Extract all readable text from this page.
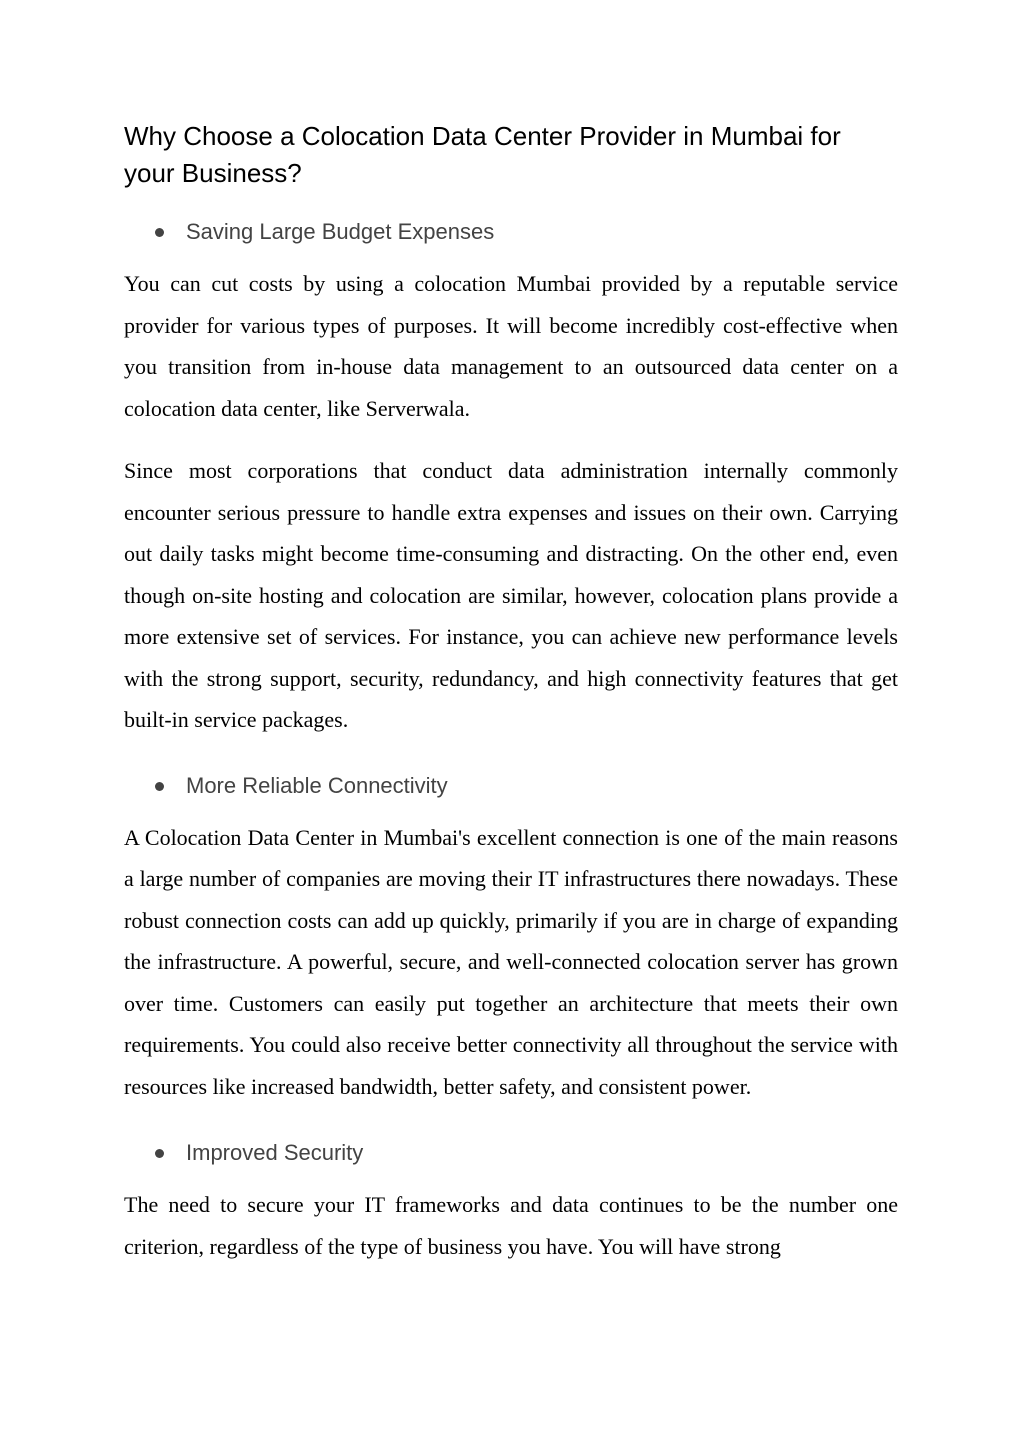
Why Choose a Colocation Data Center Provider in Mumbai for your Business?
Saving Large Budget Expenses

You can cut costs by using a colocation Mumbai provided by a reputable service provider for various types of purposes. It will become incredibly cost-effective when you transition from in-house data management to an outsourced data center on a colocation data center, like Serverwala.

Since most corporations that conduct data administration internally commonly encounter serious pressure to handle extra expenses and issues on their own. Carrying out daily tasks might become time-consuming and distracting. On the other end, even though on-site hosting and colocation are similar, however, colocation plans provide a more extensive set of services. For instance, you can achieve new performance levels with the strong support, security, redundancy, and high connectivity features that get built-in service packages.

More Reliable Connectivity

A Colocation Data Center in Mumbai's excellent connection is one of the main reasons a large number of companies are moving their IT infrastructures there nowadays. These robust connection costs can add up quickly, primarily if you are in charge of expanding the infrastructure. A powerful, secure, and well-connected colocation server has grown over time. Customers can easily put together an architecture that meets their own requirements. You could also receive better connectivity all throughout the service with resources like increased bandwidth, better safety, and consistent power.

Improved Security

The need to secure your IT frameworks and data continues to be the number one criterion, regardless of the type of business you have. You will have strong
